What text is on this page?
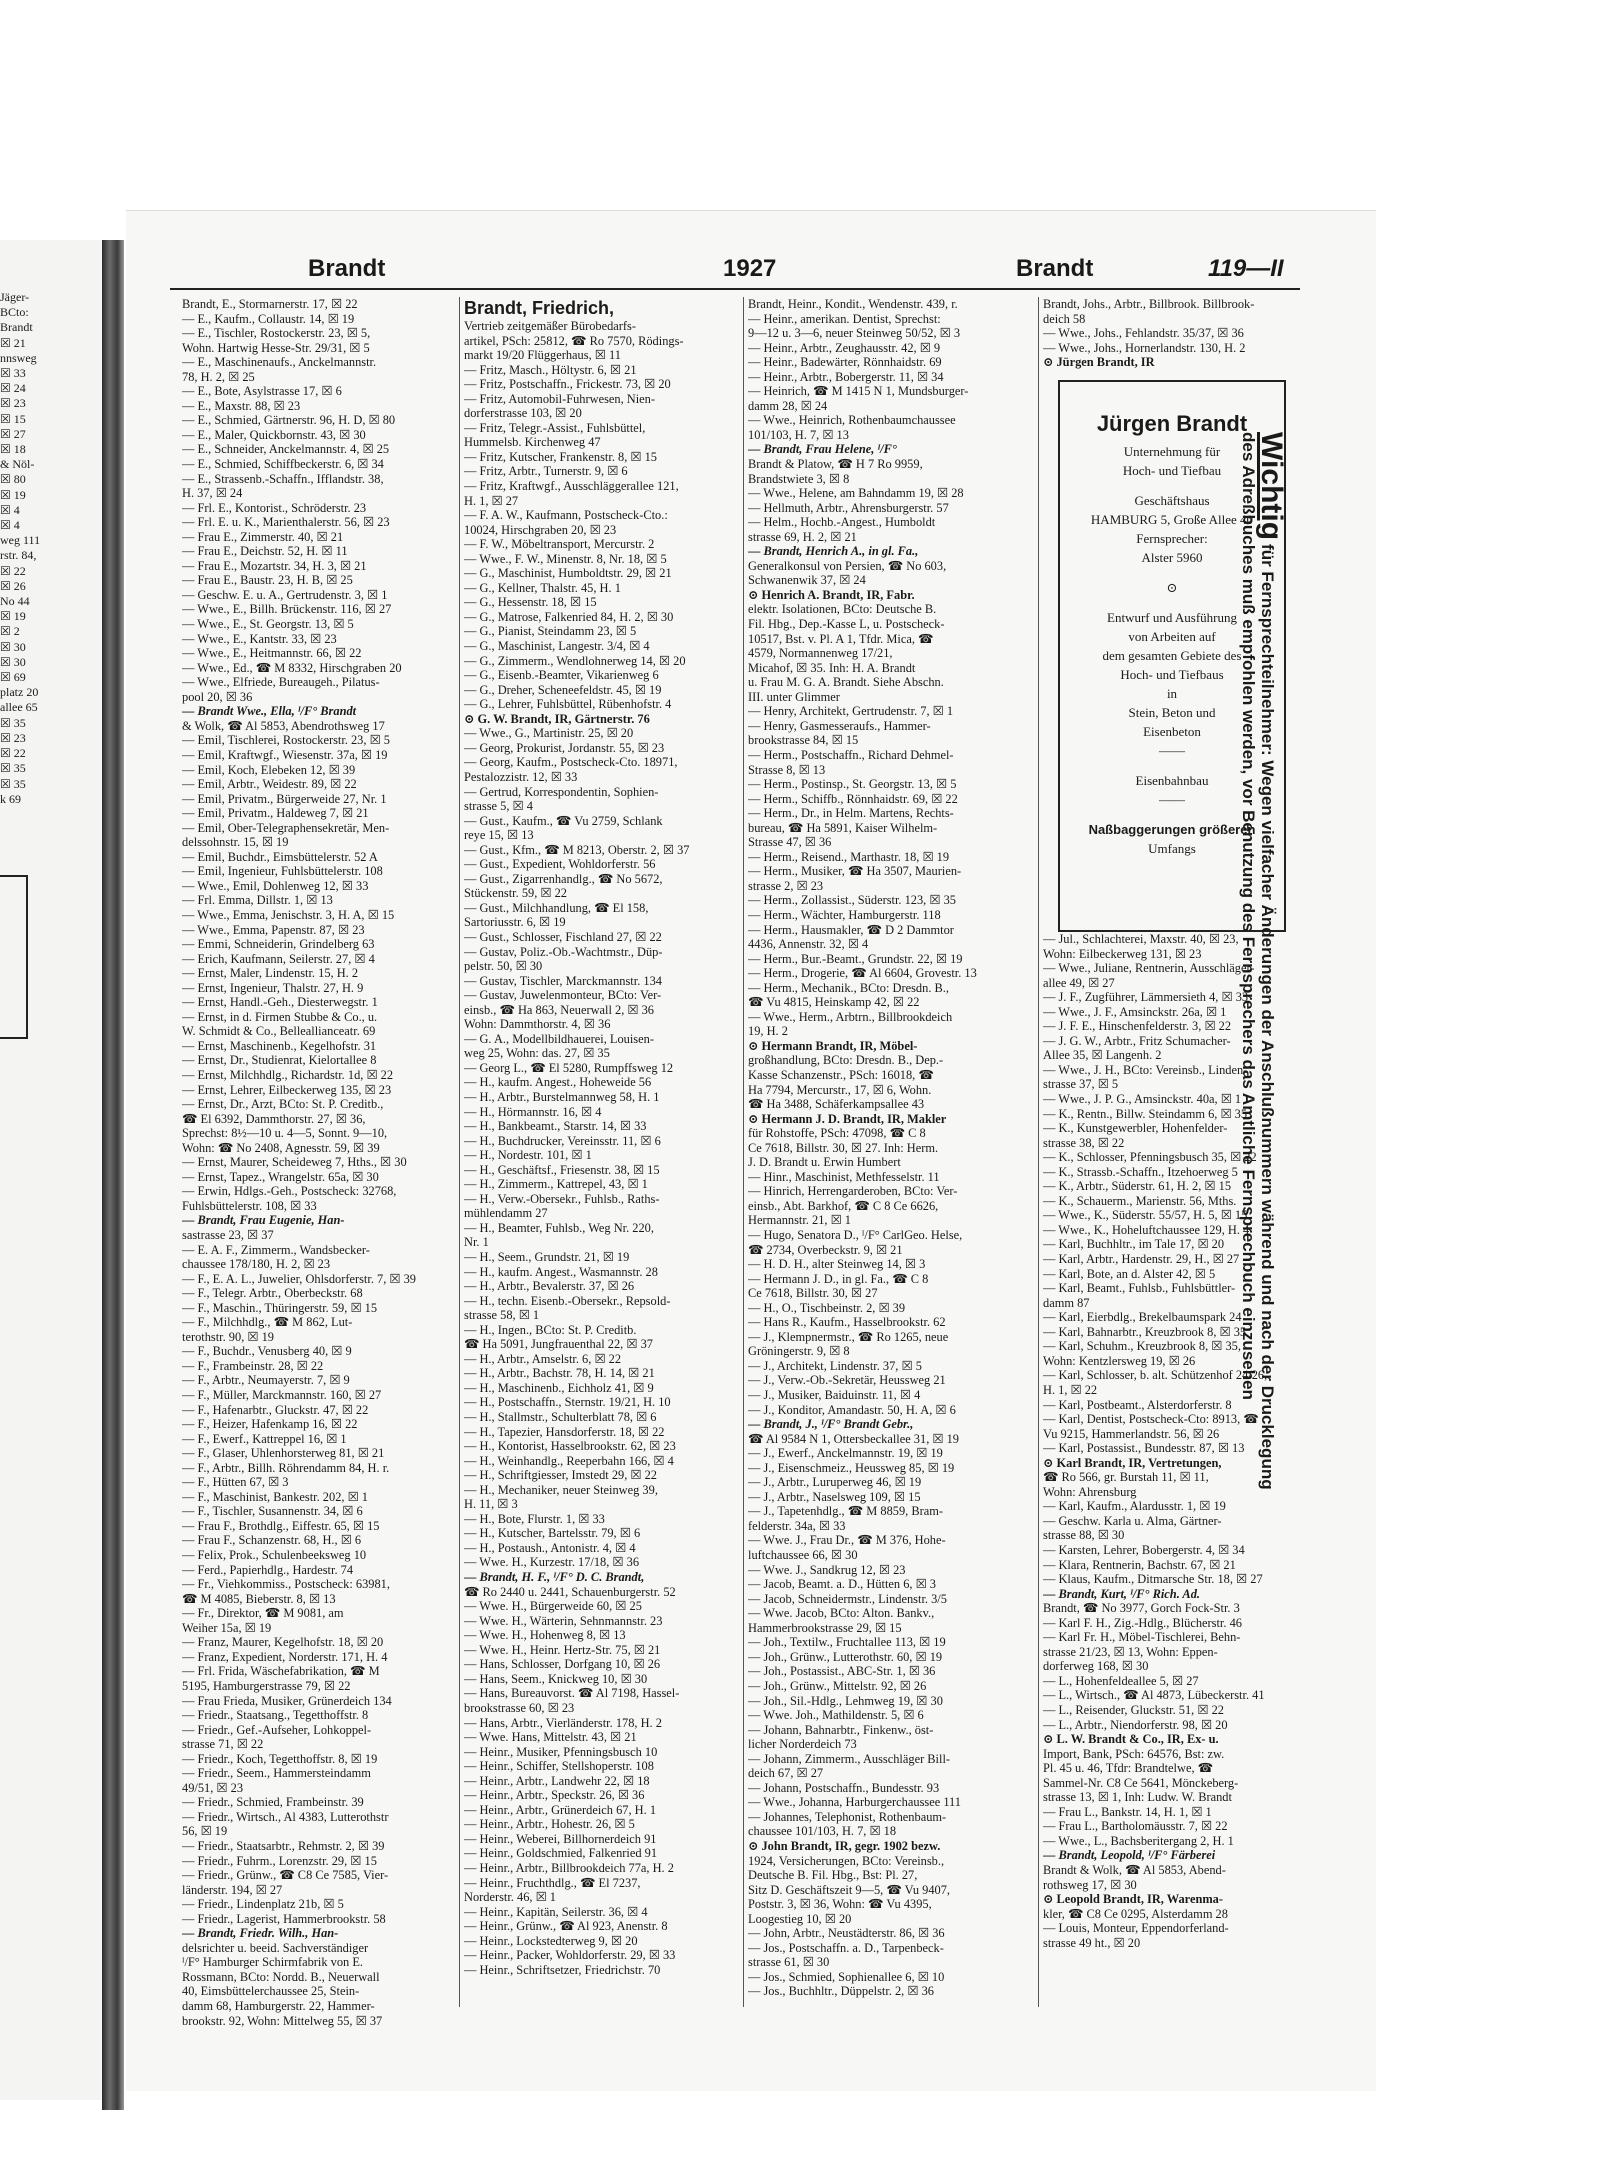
Jäger-
BCto:
Brandt
☒ 21
nnsweg
☒ 33
☒ 24
☒ 23
☒ 15
☒ 27
☒ 18
& Nöl-
☒ 80
☒ 19
☒ 4
☒ 4
weg 111
rstr. 84,
☒ 22
☒ 26
No 44
☒ 19
☒ 2
☒ 30
☒ 30
☒ 69
platz 20
allee 65
☒ 35
☒ 23
☒ 22
☒ 35
☒ 35
k 69
Brandt	1927	Brandt	119—II
Brandt, E., Stormarnerstr. 17, ☒ 22
— E., Kaufm., Collaustr. 14, ☒ 19
— E., Tischler, Rostockerstr. 23, ☒ 5,
Wohn. Hartwig Hesse-Str. 29/31, ☒ 5
— E., Maschinenaufs., Anckelmannstr.
78, H. 2, ☒ 25
— E., Bote, Asylstrasse 17, ☒ 6
— E., Maxstr. 88, ☒ 23
— E., Schmied, Gärtnerstr. 96, H. D, ☒ 80
— E., Maler, Quickbornstr. 43, ☒ 30
— E., Schneider, Anckelmannstr. 4, ☒ 25
— E., Schmied, Schiffbeckerstr. 6, ☒ 34
— E., Strassenb.-Schaffn., Ifflandstr. 38,
H. 37, ☒ 24
— Frl. E., Kontorist., Schröderstr. 23
— Frl. E. u. K., Marienthalerstr. 56, ☒ 23
— Frau E., Zimmerstr. 40, ☒ 21
— Frau E., Deichstr. 52, H. ☒ 11
— Frau E., Mozartstr. 34, H. 3, ☒ 21
— Frau E., Baustr. 23, H. B, ☒ 25
— Geschw. E. u. A., Gertrudenstr. 3, ☒ 1
— Wwe., E., Billh. Brückenstr. 116, ☒ 27
— Wwe., E., St. Georgstr. 13, ☒ 5
— Wwe., E., Kantstr. 33, ☒ 23
— Wwe., E., Heitmannstr. 66, ☒ 22
— Wwe., Ed., ☎ M 8332, Hirschgraben 20
— Wwe., Elfriede, Bureaugeh., Pilatus-
pool 20, ☒ 36
— Brandt Wwe., Ella, ᴵ/F° Brandt
& Wolk, ☎ Al 5853, Abendrothsweg 17
— Emil, Tischlerei, Rostockerstr. 23, ☒ 5
— Emil, Kraftwgf., Wiesenstr. 37a, ☒ 19
— Emil, Koch, Elebeken 12, ☒ 39
— Emil, Arbtr., Weidestr. 89, ☒ 22
— Emil, Privatm., Bürgerweide 27, Nr. 1
— Emil, Privatm., Haldeweg 7, ☒ 21
— Emil, Ober-Telegraphensekretär, Men-
delssohnstr. 15, ☒ 19
— Emil, Buchdr., Eimsbüttelerstr. 52 A
— Emil, Ingenieur, Fuhlsbüttelerstr. 108
— Wwe., Emil, Dohlenweg 12, ☒ 33
— Frl. Emma, Dillstr. 1, ☒ 13
— Wwe., Emma, Jenischstr. 3, H. A, ☒ 15
— Wwe., Emma, Papenstr. 87, ☒ 23
— Emmi, Schneiderin, Grindelberg 63
— Erich, Kaufmann, Seilerstr. 27, ☒ 4
— Ernst, Maler, Lindenstr. 15, H. 2
— Ernst, Ingenieur, Thalstr. 27, H. 9
— Ernst, Handl.-Geh., Diesterwegstr. 1
— Ernst, in d. Firmen Stubbe & Co., u.
W. Schmidt & Co., Belleallianceatr. 69
— Ernst, Maschinenb., Kegelhofstr. 31
— Ernst, Dr., Studienrat, Kielortallee 8
— Ernst, Milchhdlg., Richardstr. 1d, ☒ 22
— Ernst, Lehrer, Eilbeckerweg 135, ☒ 23
— Ernst, Dr., Arzt, BCto: St. P. Creditb.,
☎ El 6392, Dammthorstr. 27, ☒ 36,
Sprechst: 8½—10 u. 4—5, Sonnt. 9—10,
Wohn: ☎ No 2408, Agnesstr. 59, ☒ 39
— Ernst, Maurer, Scheideweg 7, Hths., ☒ 30
— Ernst, Tapez., Wrangelstr. 65a, ☒ 30
— Erwin, Hdlgs.-Geh., Postscheck: 32768,
Fuhlsbüttelerstr. 108, ☒ 33
— Brandt, Frau Eugenie, Han-
sastrasse 23, ☒ 37
— E. A. F., Zimmerm., Wandsbecker-
chaussee 178/180, H. 2, ☒ 23
— F., E. A. L., Juwelier, Ohlsdorferstr. 7, ☒ 39
— F., Telegr. Arbtr., Oberbeckstr. 68
— F., Maschin., Thüringerstr. 59, ☒ 15
— F., Milchhdlg., ☎ M 862, Lut-
terothstr. 90, ☒ 19
— F., Buchdr., Venusberg 40, ☒ 9
— F., Frambeinstr. 28, ☒ 22
— F., Arbtr., Neumayerstr. 7, ☒ 9
— F., Müller, Marckmannstr. 160, ☒ 27
— F., Hafenarbtr., Gluckstr. 47, ☒ 22
— F., Heizer, Hafenkamp 16, ☒ 22
— F., Ewerf., Kattreppel 16, ☒ 1
— F., Glaser, Uhlenhorsterweg 81, ☒ 21
— F., Arbtr., Billh. Röhrendamm 84, H. r.
— F., Hütten 67, ☒ 3
— F., Maschinist, Bankestr. 202, ☒ 1
— F., Tischler, Susannenstr. 34, ☒ 6
— Frau F., Brothdlg., Eiffestr. 65, ☒ 15
— Frau F., Schanzenstr. 68, H., ☒ 6
— Felix, Prok., Schulenbeeksweg 10
— Ferd., Papierhdlg., Hardestr. 74
— Fr., Viehkommiss., Postscheck: 63981,
☎ M 4085, Bieberstr. 8, ☒ 13
— Fr., Direktor, ☎ M 9081, am
Weiher 15a, ☒ 19
— Franz, Maurer, Kegelhofstr. 18, ☒ 20
— Franz, Expedient, Norderstr. 171, H. 4
— Frl. Frida, Wäschefabrikation, ☎ M
5195, Hamburgerstrasse 79, ☒ 22
— Frau Frieda, Musiker, Grünerdeich 134
— Friedr., Staatsang., Tegetthoffstr. 8
— Friedr., Gef.-Aufseher, Lohkoppel-
strasse 71, ☒ 22
— Friedr., Koch, Tegetthoffstr. 8, ☒ 19
— Friedr., Seem., Hammersteindamm
49/51, ☒ 23
— Friedr., Schmied, Frambeinstr. 39
— Friedr., Wirtsch., Al 4383, Lutterothstr
56, ☒ 19
— Friedr., Staatsarbtr., Rehmstr. 2, ☒ 39
— Friedr., Fuhrm., Lorenzstr. 29, ☒ 15
— Friedr., Grünw., ☎ C8 Ce 7585, Vier-
länderstr. 194, ☒ 27
— Friedr., Lindenplatz 21b, ☒ 5
— Friedr., Lagerist, Hammerbrookstr. 58
— Brandt, Friedr. Wilh., Han-
delsrichter u. beeid. Sachverständiger
ᴵ/F° Hamburger Schirmfabrik von E.
Rossmann, BCto: Nordd. B., Neuerwall
40, Eimsbüttelerchaussee 25, Stein-
damm 68, Hamburgerstr. 22, Hammer-
brookstr. 92, Wohn: Mittelweg 55, ☒ 37
Brandt, Friedrich,
Vertrieb zeitgemäßer Bürobedarfs-
artikel, PSch: 25812, ☎ Ro 7570, Rödings-
markt 19/20 Flüggerhaus, ☒ 11
— Fritz, Masch., Höltystr. 6, ☒ 21
— Fritz, Postschaffn., Frickestr. 73, ☒ 20
— Fritz, Automobil-Fuhrwesen, Nien-
dorferstrasse 103, ☒ 20
— Fritz, Telegr.-Assist., Fuhlsbüttel,
Hummelsb. Kirchenweg 47
— Fritz, Kutscher, Frankenstr. 8, ☒ 15
— Fritz, Arbtr., Turnerstr. 9, ☒ 6
— Fritz, Kraftwgf., Ausschläggerallee 121,
H. 1, ☒ 27
— F. A. W., Kaufmann, Postscheck-Cto.:
10024, Hirschgraben 20, ☒ 23
— F. W., Möbeltransport, Mercurstr. 2
— Wwe., F. W., Minenstr. 8, Nr. 18, ☒ 5
— G., Maschinist, Humboldtstr. 29, ☒ 21
— G., Kellner, Thalstr. 45, H. 1
— G., Hessenstr. 18, ☒ 15
— G., Matrose, Falkenried 84, H. 2, ☒ 30
— G., Pianist, Steindamm 23, ☒ 5
— G., Maschinist, Langestr. 3/4, ☒ 4
— G., Zimmerm., Wendlohnerweg 14, ☒ 20
— G., Eisenb.-Beamter, Vikarienweg 6
— G., Dreher, Scheneefeldstr. 45, ☒ 19
— G., Lehrer, Fuhlsbüttel, Rübenhofstr. 4
⊙ G. W. Brandt, IR, Gärtnerstr. 76
— Wwe., G., Martinistr. 25, ☒ 20
— Georg, Prokurist, Jordanstr. 55, ☒ 23
— Georg, Kaufm., Postscheck-Cto. 18971,
Pestalozzistr. 12, ☒ 33
— Gertrud, Korrespondentin, Sophien-
strasse 5, ☒ 4
— Gust., Kaufm., ☎ Vu 2759, Schlank
reye 15, ☒ 13
— Gust., Kfm., ☎ M 8213, Oberstr. 2, ☒ 37
— Gust., Expedient, Wohldorferstr. 56
— Gust., Zigarrenhandlg., ☎ No 5672,
Stückenstr. 59, ☒ 22
— Gust., Milchhandlung, ☎ El 158,
Sartoriusstr. 6, ☒ 19
— Gust., Schlosser, Fischland 27, ☒ 22
— Gustav, Poliz.-Ob.-Wachtmstr., Düp-
pelstr. 50, ☒ 30
— Gustav, Tischler, Marckmannstr. 134
— Gustav, Juwelenmonteur, BCto: Ver-
einsb., ☎ Ha 863, Neuerwall 2, ☒ 36
Wohn: Dammthorstr. 4, ☒ 36
— G. A., Modellbildhauerei, Louisen-
weg 25, Wohn: das. 27, ☒ 35
— Georg L., ☎ El 5280, Rumpffsweg 12
— H., kaufm. Angest., Hoheweide 56
— H., Arbtr., Burstelmannweg 58, H. 1
— H., Hörmannstr. 16, ☒ 4
— H., Bankbeamt., Starstr. 14, ☒ 33
— H., Buchdrucker, Vereinsstr. 11, ☒ 6
— H., Nordestr. 101, ☒ 1
— H., Geschäftsf., Friesenstr. 38, ☒ 15
— H., Zimmerm., Kattrepel, 43, ☒ 1
— H., Verw.-Obersekr., Fuhlsb., Raths-
mühlendamm 27
— H., Beamter, Fuhlsb., Weg Nr. 220,
Nr. 1
— H., Seem., Grundstr. 21, ☒ 19
— H., kaufm. Angest., Wasmannstr. 28
— H., Arbtr., Bevalerstr. 37, ☒ 26
— H., techn. Eisenb.-Obersekr., Repsold-
strasse 58, ☒ 1
— H., Ingen., BCto: St. P. Creditb.
☎ Ha 5091, Jungfrauenthal 22, ☒ 37
— H., Arbtr., Amselstr. 6, ☒ 22
— H., Arbtr., Bachstr. 78, H. 14, ☒ 21
— H., Maschinenb., Eichholz 41, ☒ 9
— H., Postschaffn., Sternstr. 19/21, H. 10
— H., Stallmstr., Schulterblatt 78, ☒ 6
— H., Tapezier, Hansdorferstr. 18, ☒ 22
— H., Kontorist, Hasselbrookstr. 62, ☒ 23
— H., Weinhandlg., Reeperbahn 166, ☒ 4
— H., Schriftgiesser, Imstedt 29, ☒ 22
— H., Mechaniker, neuer Steinweg 39,
H. 11, ☒ 3
— H., Bote, Flurstr. 1, ☒ 33
— H., Kutscher, Bartelsstr. 79, ☒ 6
— H., Postaush., Antonistr. 4, ☒ 4
— Wwe. H., Kurzestr. 17/18, ☒ 36
— Brandt, H. F., ᴵ/F° D. C. Brandt,
☎ Ro 2440 u. 2441, Schauenburgerstr. 52
— Wwe. H., Bürgerweide 60, ☒ 25
— Wwe. H., Wärterin, Sehnmannstr. 23
— Wwe. H., Hohenweg 8, ☒ 13
— Wwe. H., Heinr. Hertz-Str. 75, ☒ 21
— Hans, Schlosser, Dorfgang 10, ☒ 26
— Hans, Seem., Knickweg 10, ☒ 30
— Hans, Bureauvorst. ☎ Al 7198, Hassel-
brookstrasse 60, ☒ 23
— Hans, Arbtr., Vierländerstr. 178, H. 2
— Wwe. Hans, Mittelstr. 43, ☒ 21
— Heinr., Musiker, Pfenningsbusch 10
— Heinr., Schiffer, Stellshoperstr. 108
— Heinr., Arbtr., Landwehr 22, ☒ 18
— Heinr., Arbtr., Speckstr. 26, ☒ 36
— Heinr., Arbtr., Grünerdeich 67, H. 1
— Heinr., Arbtr., Hohestr. 26, ☒ 5
— Heinr., Weberei, Billhornerdeich 91
— Heinr., Goldschmied, Falkenried 91
— Heinr., Arbtr., Billbrookdeich 77a, H. 2
— Heinr., Fruchthdlg., ☎ El 7237,
Norderstr. 46, ☒ 1
— Heinr., Kapitän, Seilerstr. 36, ☒ 4
— Heinr., Grünw., ☎ Al 923, Anenstr. 8
— Heinr., Lockstedterweg 9, ☒ 20
— Heinr., Packer, Wohldorferstr. 29, ☒ 33
— Heinr., Schriftsetzer, Friedrichstr. 70
Brandt, Heinr., Kondit., Wendenstr. 439, r.
— Heinr., amerikan. Dentist, Sprechst:
9—12 u. 3—6, neuer Steinweg 50/52, ☒ 3
— Heinr., Arbtr., Zeughausstr. 42, ☒ 9
— Heinr., Badewärter, Rönnhaidstr. 69
— Heinr., Arbtr., Bobergerstr. 11, ☒ 34
— Heinrich, ☎ M 1415 N 1, Mundsburger-
damm 28, ☒ 24
— Wwe., Heinrich, Rothenbaumchaussee
101/103, H. 7, ☒ 13
— Brandt, Frau Helene, ᴵ/F°
Brandt & Platow, ☎ H 7 Ro 9959,
Brandstwiete 3, ☒ 8
— Wwe., Helene, am Bahndamm 19, ☒ 28
— Hellmuth, Arbtr., Ahrensburgerstr. 57
— Helm., Hochb.-Angest., Humboldt
strasse 69, H. 2, ☒ 21
— Brandt, Henrich A., in gl. Fa.,
Generalkonsul von Persien, ☎ No 603,
Schwanenwik 37, ☒ 24
⊙ Henrich A. Brandt, IR, Fabr.
elektr. Isolationen, BCto: Deutsche B.
Fil. Hbg., Dep.-Kasse L, u. Postscheck-
10517, Bst. v. Pl. A 1, Tfdr. Mica, ☎
4579, Normannenweg 17/21,
Micahof, ☒ 35. Inh: H. A. Brandt
u. Frau M. G. A. Brandt. Siehe Abschn.
III. unter Glimmer
— Henry, Architekt, Gertrudenstr. 7, ☒ 1
— Henry, Gasmesseraufs., Hammer-
brookstrasse 84, ☒ 15
— Herm., Postschaffn., Richard Dehmel-
Strasse 8, ☒ 13
— Herm., Postinsp., St. Georgstr. 13, ☒ 5
— Herm., Schiffb., Rönnhaidstr. 69, ☒ 22
— Herm., Dr., in Helm. Martens, Rechts-
bureau, ☎ Ha 5891, Kaiser Wilhelm-
Strasse 47, ☒ 36
— Herm., Reisend., Marthastr. 18, ☒ 19
— Herm., Musiker, ☎ Ha 3507, Maurien-
strasse 2, ☒ 23
— Herm., Zollassist., Süderstr. 123, ☒ 35
— Herm., Wächter, Hamburgerstr. 118
— Herm., Hausmakler, ☎ D 2 Dammtor
4436, Annenstr. 32, ☒ 4
— Herm., Bur.-Beamt., Grundstr. 22, ☒ 19
— Herm., Drogerie, ☎ Al 6604, Grovestr. 13
— Herm., Mechanik., BCto: Dresdn. B.,
☎ Vu 4815, Heinskamp 42, ☒ 22
— Wwe., Herm., Arbtrn., Billbrookdeich
19, H. 2
⊙ Hermann Brandt, IR, Möbel-
großhandlung, BCto: Dresdn. B., Dep.-
Kasse Schanzenstr., PSch: 16018, ☎
Ha 7794, Mercurstr., 17, ☒ 6, Wohn.
☎ Ha 3488, Schäferkampsallee 43
⊙ Hermann J. D. Brandt, IR, Makler
für Rohstoffe, PSch: 47098, ☎ C 8
Ce 7618, Billstr. 30, ☒ 27. Inh: Herm.
J. D. Brandt u. Erwin Humbert
— Hinr., Maschinist, Methfesselstr. 11
— Hinrich, Herrengarderoben, BCto: Ver-
einsb., Abt. Barkhof, ☎ C 8 Ce 6626,
Hermannstr. 21, ☒ 1
— Hugo, Senatora D., ᴵ/F° CarlGeo. Helse,
☎ 2734, Overbeckstr. 9, ☒ 21
— H. D. H., alter Steinweg 14, ☒ 3
— Hermann J. D., in gl. Fa., ☎ C 8
Ce 7618, Billstr. 30, ☒ 27
— H., O., Tischbeinstr. 2, ☒ 39
— Hans R., Kaufm., Hasselbrookstr. 62
— J., Klempnermstr., ☎ Ro 1265, neue
Gröningerstr. 9, ☒ 8
— J., Architekt, Lindenstr. 37, ☒ 5
— J., Verw.-Ob.-Sekretär, Heussweg 21
— J., Musiker, Baiduinstr. 11, ☒ 4
— J., Konditor, Amandastr. 50, H. A, ☒ 6
— Brandt, J., ᴵ/F° Brandt Gebr.,
☎ Al 9584 N 1, Ottersbeckallee 31, ☒ 19
— J., Ewerf., Anckelmannstr. 19, ☒ 19
— J., Eisenschmeiz., Heussweg 85, ☒ 19
— J., Arbtr., Luruperweg 46, ☒ 19
— J., Arbtr., Naselsweg 109, ☒ 15
— J., Tapetenhdlg., ☎ M 8859, Bram-
felderstr. 34a, ☒ 33
— Wwe. J., Frau Dr., ☎ M 376, Hohe-
luftchaussee 66, ☒ 30
— Wwe. J., Sandkrug 12, ☒ 23
— Jacob, Beamt. a. D., Hütten 6, ☒ 3
— Jacob, Schneidermstr., Lindenstr. 3/5
— Wwe. Jacob, BCto: Alton. Bankv.,
Hammerbrookstrasse 29, ☒ 15
— Joh., Textilw., Fruchtallee 113, ☒ 19
— Joh., Grünw., Lutterothstr. 60, ☒ 19
— Joh., Postassist., ABC-Str. 1, ☒ 36
— Joh., Grünw., Mittelstr. 92, ☒ 26
— Joh., Sil.-Hdlg., Lehmweg 19, ☒ 30
— Wwe. Joh., Mathildenstr. 5, ☒ 6
— Johann, Bahnarbtr., Finkenw., öst-
licher Norderdeich 73
— Johann, Zimmerm., Ausschläger Bill-
deich 67, ☒ 27
— Johann, Postschaffn., Bundesstr. 93
— Wwe., Johanna, Harburgerchaussee 111
— Johannes, Telephonist, Rothenbaum-
chaussee 101/103, H. 7, ☒ 18
⊙ John Brandt, IR, gegr. 1902 bezw.
1924, Versicherungen, BCto: Vereinsb.,
Deutsche B. Fil. Hbg., Bst: Pl. 27,
Sitz D. Geschäftszeit 9—5, ☎ Vu 9407,
Poststr. 3, ☒ 36, Wohn: ☎ Vu 4395,
Loogestieg 10, ☒ 20
— John, Arbtr., Neustädterstr. 86, ☒ 36
— Jos., Postschaffn. a. D., Tarpenbeck-
strasse 61, ☒ 30
— Jos., Schmied, Sophienallee 6, ☒ 10
— Jos., Buchhltr., Düppelstr. 2, ☒ 36
Brandt, Johs., Arbtr., Billbrook. Billbrook-
deich 58
— Wwe., Johs., Fehlandstr. 35/37, ☒ 36
— Wwe., Johs., Hornerlandstr. 130, H. 2
⊙ Jürgen Brandt, IR
Jürgen Brandt
Unternehmung für
Hoch- und Tiefbau
Geschäftshaus
HAMBURG 5, Große Allee 40
Fernsprecher:
Alster 5960
⊙
Entwurf und Ausführung
von Arbeiten auf
dem gesamten Gebiete des
Hoch- und Tiefbaus
in
Stein, Beton und
Eisenbeton
——
Eisenbahnbau
——
Naßbaggerungen größeren
Umfangs
— Jul., Schlachterei, Maxstr. 40, ☒ 23,
Wohn: Eilbeckerweg 131, ☒ 23
— Wwe., Juliane, Rentnerin, Ausschläger-
allee 49, ☒ 27
— J. F., Zugführer, Lämmersieth 4, ☒ 33
— Wwe., J. F., Amsinckstr. 26a, ☒ 1
— J. F. E., Hinschenfelderstr. 3, ☒ 22
— J. G. W., Arbtr., Fritz Schumacher-
Allee 35, ☒ Langenh. 2
— Wwe., J. H., BCto: Vereinsb., Linden-
strasse 37, ☒ 5
— Wwe., J. P. G., Amsinckstr. 40a, ☒ 1
— K., Rentn., Billw. Steindamm 6, ☒ 35
— K., Kunstgewerbler, Hohenfelder-
strasse 38, ☒ 22
— K., Schlosser, Pfenningsbusch 35, ☒ 22
— K., Strassb.-Schaffn., Itzehoerweg 5
— K., Arbtr., Süderstr. 61, H. 2, ☒ 15
— K., Schauerm., Marienstr. 56, Mths.
— Wwe., K., Süderstr. 55/57, H. 5, ☒ 15
— Wwe., K., Hoheluftchaussee 129, H. 4
— Karl, Buchhltr., im Tale 17, ☒ 20
— Karl, Arbtr., Hardenstr. 29, H., ☒ 27
— Karl, Bote, an d. Alster 42, ☒ 5
— Karl, Beamt., Fuhlsb., Fuhlsbüttler-
damm 87
— Karl, Eierbdlg., Brekelbaumspark 24
— Karl, Bahnarbtr., Kreuzbrook 8, ☒ 35
— Karl, Schuhm., Kreuzbrook 8, ☒ 35,
Wohn: Kentzlersweg 19, ☒ 26
— Karl, Schlosser, b. alt. Schützenhof 24/26,
H. 1, ☒ 22
— Karl, Postbeamt., Alsterdorferstr. 8
— Karl, Dentist, Postscheck-Cto: 8913, ☎
Vu 9215, Hammerlandstr. 56, ☒ 26
— Karl, Postassist., Bundesstr. 87, ☒ 13
⊙ Karl Brandt, IR, Vertretungen,
☎ Ro 566, gr. Burstah 11, ☒ 11,
Wohn: Ahrensburg
— Karl, Kaufm., Alardusstr. 1, ☒ 19
— Geschw. Karla u. Alma, Gärtner-
strasse 88, ☒ 30
— Karsten, Lehrer, Bobergerstr. 4, ☒ 34
— Klara, Rentnerin, Bachstr. 67, ☒ 21
— Klaus, Kaufm., Ditmarsche Str. 18, ☒ 27
— Brandt, Kurt, ᴵ/F° Rich. Ad.
Brandt, ☎ No 3977, Gorch Fock-Str. 3
— Karl F. H., Zig.-Hdlg., Blücherstr. 46
— Karl Fr. H., Möbel-Tischlerei, Behn-
strasse 21/23, ☒ 13, Wohn: Eppen-
dorferweg 168, ☒ 30
— L., Hohenfeldeallee 5, ☒ 27
— L., Wirtsch., ☎ Al 4873, Lübeckerstr. 41
— L., Reisender, Gluckstr. 51, ☒ 22
— L., Arbtr., Niendorferstr. 98, ☒ 20
⊙ L. W. Brandt & Co., IR, Ex- u.
Import, Bank, PSch: 64576, Bst: zw.
Pl. 45 u. 46, Tfdr: Brandtelwe, ☎
Sammel-Nr. C8 Ce 5641, Mönckeberg-
strasse 13, ☒ 1, Inh: Ludw. W. Brandt
— Frau L., Bankstr. 14, H. 1, ☒ 1
— Frau L., Bartholomäusstr. 7, ☒ 22
— Wwe., L., Bachsberitergang 2, H. 1
— Brandt, Leopold, ᴵ/F° Färberei
Brandt & Wolk, ☎ Al 5853, Abend-
rothsweg 17, ☒ 30
⊙ Leopold Brandt, IR, Warenma-
kler, ☎ C8 Ce 0295, Alsterdamm 28
— Louis, Monteur, Eppendorferland-
strasse 49 ht., ☒ 20
Wichtig für Fernsprechteilnehmer: Wegen vielfacher Änderungen der Anschlußnummern während und nach der Drucklegung
des Adreßbuches muß empfohlen werden, vor Benutzung des Fernsprechers das Amtliche Fernsprechbuch einzusehen
